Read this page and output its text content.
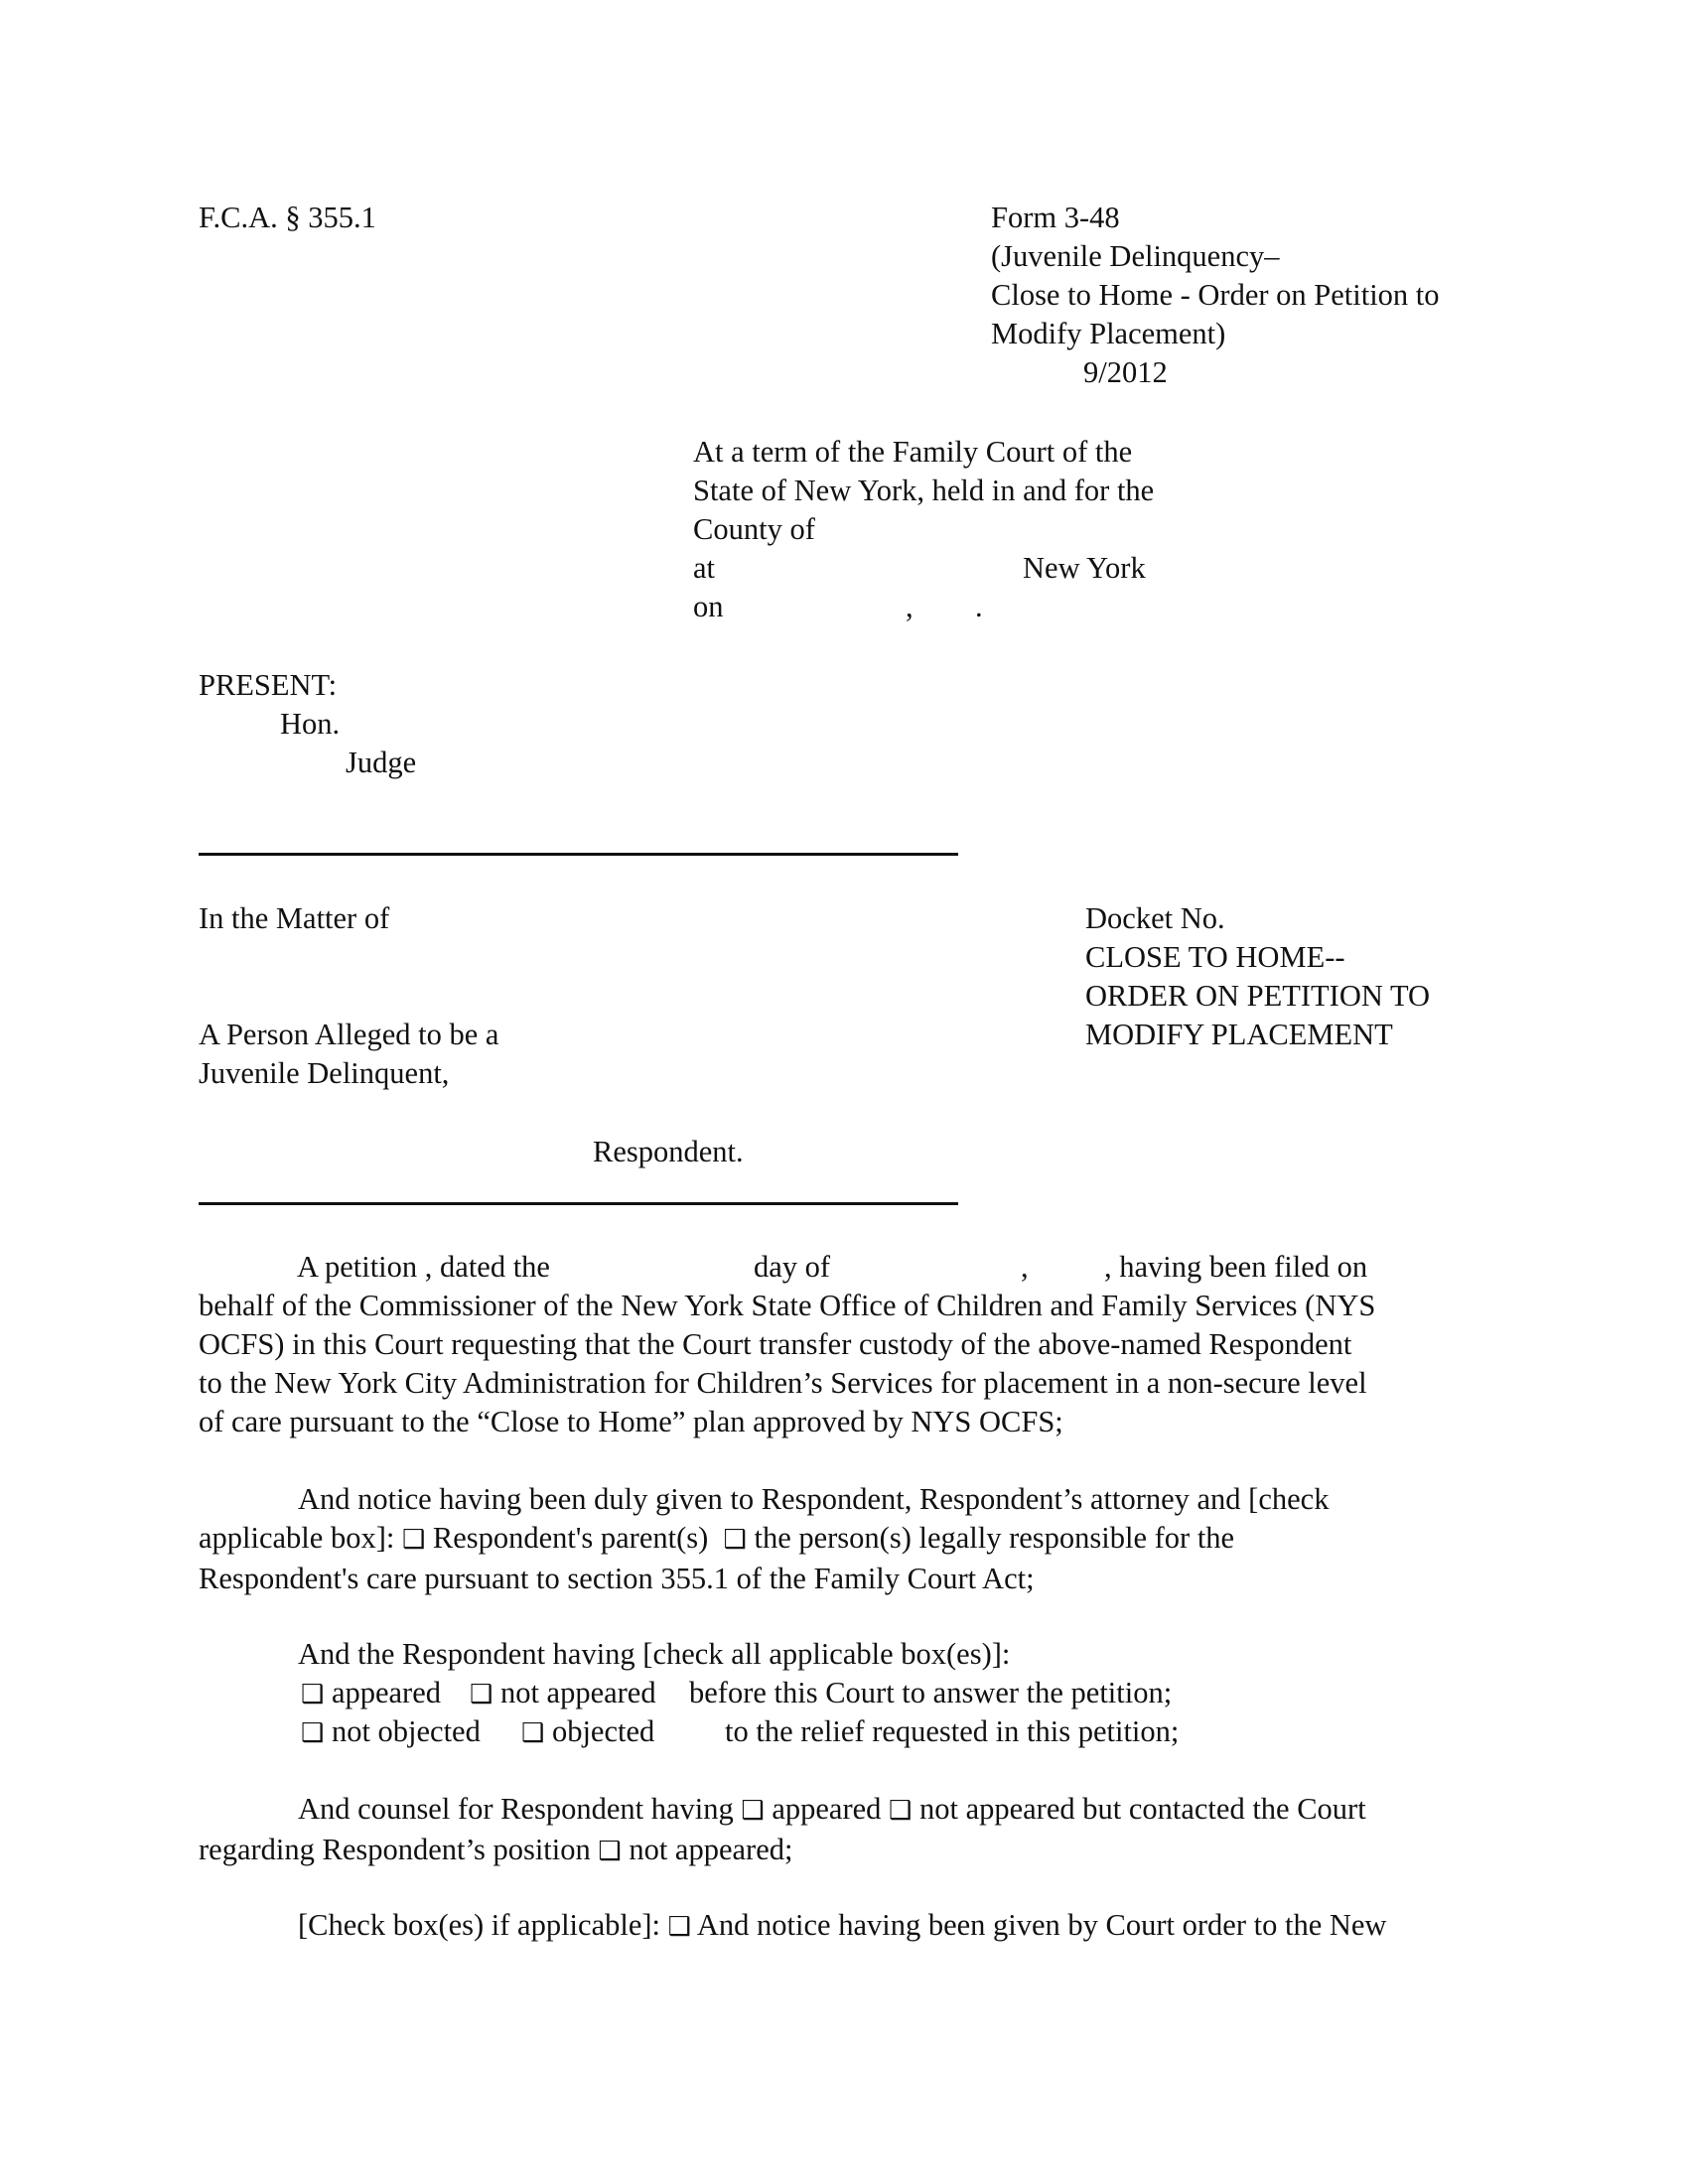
F.C.A. § 355.1	Form 3-48
(Juvenile Delinquency–
Close to Home - Order on Petition to
Modify Placement)
9/2012
At a term of the Family Court of the
State of New York, held in and for the
County of
at	New York
on	, .
PRESENT:
Hon.
Judge
In the Matter of
A Person Alleged to be a
Juvenile Delinquent,
Respondent.
Docket No.
CLOSE TO HOME--
ORDER ON PETITION TO
MODIFY PLACEMENT
A petition , dated the	day of	,	, having been filed on
behalf of the Commissioner of the New York State Office of Children and Family Services (NYS
OCFS) in this Court requesting that the Court transfer custody of the above-named Respondent
to the New York City Administration for Children’s Services for placement in a non-secure level
of care pursuant to the “Close to Home” plan approved by NYS OCFS;
And notice having been duly given to Respondent, Respondent’s attorney and [check
applicable box]: ❑ Respondent's parent(s) ❑ the person(s) legally responsible for the
Respondent's care pursuant to section 355.1 of the Family Court Act;
And the Respondent having [check all applicable box(es)]:
❑ appeared ❑ not appeared before this Court to answer the petition;
❑ not objected ❑ objected to the relief requested in this petition;
And counsel for Respondent having ❑ appeared ❑ not appeared but contacted the Court
regarding Respondent’s position ❑ not appeared;
[Check box(es) if applicable]: ❑ And notice having been given by Court order to the New
